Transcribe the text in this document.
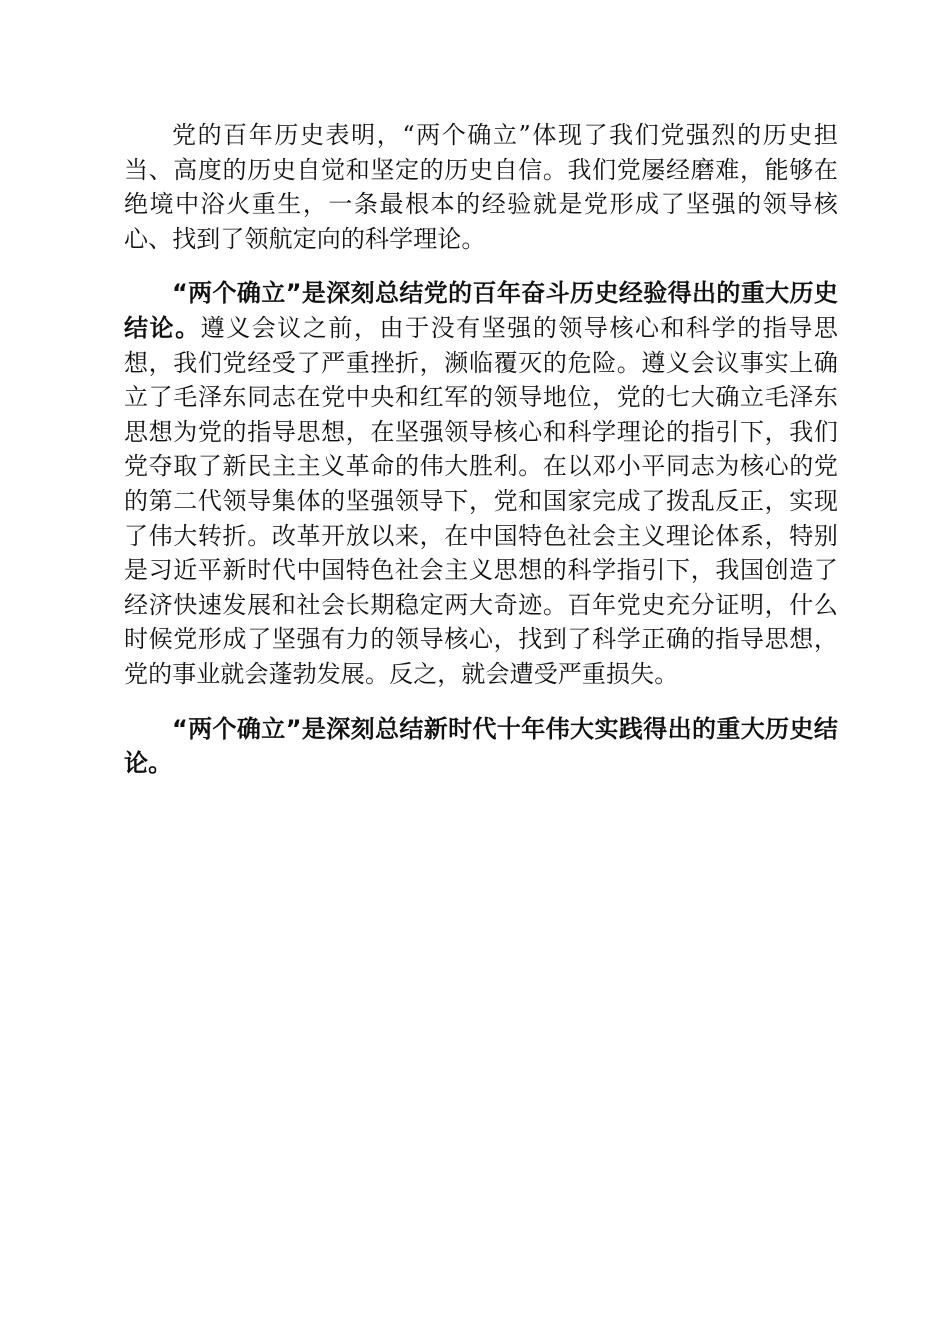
党的百年历史表明，“两个确立”体现了我们党强烈的历史担当、高度的历史自觉和坚定的历史自信。我们党屡经磨难，能够在绝境中浴火重生，一条最根本的经验就是党形成了坚强的领导核心、找到了领航定向的科学理论。

“两个确立”是深刻总结党的百年奋斗历史经验得出的重大历史结论。遵义会议之前，由于没有坚强的领导核心和科学的指导思想，我们党经受了严重挫折，濒临覆灭的危险。遵义会议事实上确立了毛泽东同志在党中央和红军的领导地位，党的七大确立毛泽东思想为党的指导思想，在坚强领导核心和科学理论的指引下，我们党夺取了新民主主义革命的伟大胜利。在以邓小平同志为核心的党的第二代领导集体的坚强领导下，党和国家完成了拨乱反正，实现了伟大转折。改革开放以来，在中国特色社会主义理论体系，特别是习近平新时代中国特色社会主义思想的科学指引下，我国创造了经济快速发展和社会长期稳定两大奇迹。百年党史充分证明，什么时候党形成了坚强有力的领导核心，找到了科学正确的指导思想，党的事业就会蓬勃发展。反之，就会遭受严重损失。

“两个确立”是深刻总结新时代十年伟大实践得出的重大历史结论。
